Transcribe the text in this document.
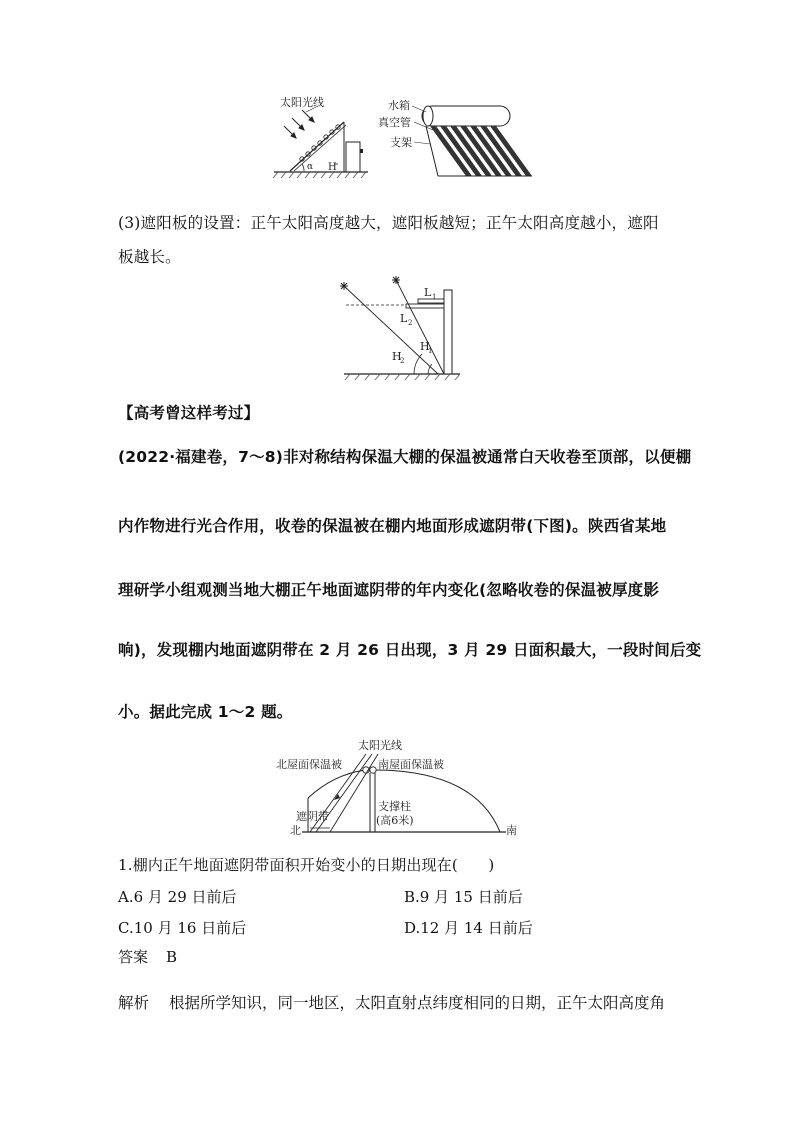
太阳光线
α H
水箱
真空管
支架
(3)遮阳板的设置：正午太阳高度越大，遮阳板越短；正午太阳高度越小，遮阳
板越长。
L 1
L 2
H
1
H
2
【高考曾这样考过】
(2022·福建卷，7～8)非对称结构保温大棚的保温被通常白天收卷至顶部，以便棚
内作物进行光合作用，收卷的保温被在棚内地面形成遮阴带(下图)。陕西省某地
理研学小组观测当地大棚正午地面遮阴带的年内变化(忽略收卷的保温被厚度影
响)，发现棚内地面遮阴带在 2 月 26 日出现，3 月 29 日面积最大，一段时间后变
小。据此完成 1～2 题。
太阳光线
北屋面保温被	南屋面保温被
遮阴带
支撑柱
(高6米)
北	南
1.棚内正午地面遮阴带面积开始变小的日期出现在(　　)
A.6 月 29 日前后	B.9 月 15 日前后
C.10 月 16 日前后	D.12 月 14 日前后
答案 B
解析 根据所学知识，同一地区，太阳直射点纬度相同的日期，正午太阳高度角
